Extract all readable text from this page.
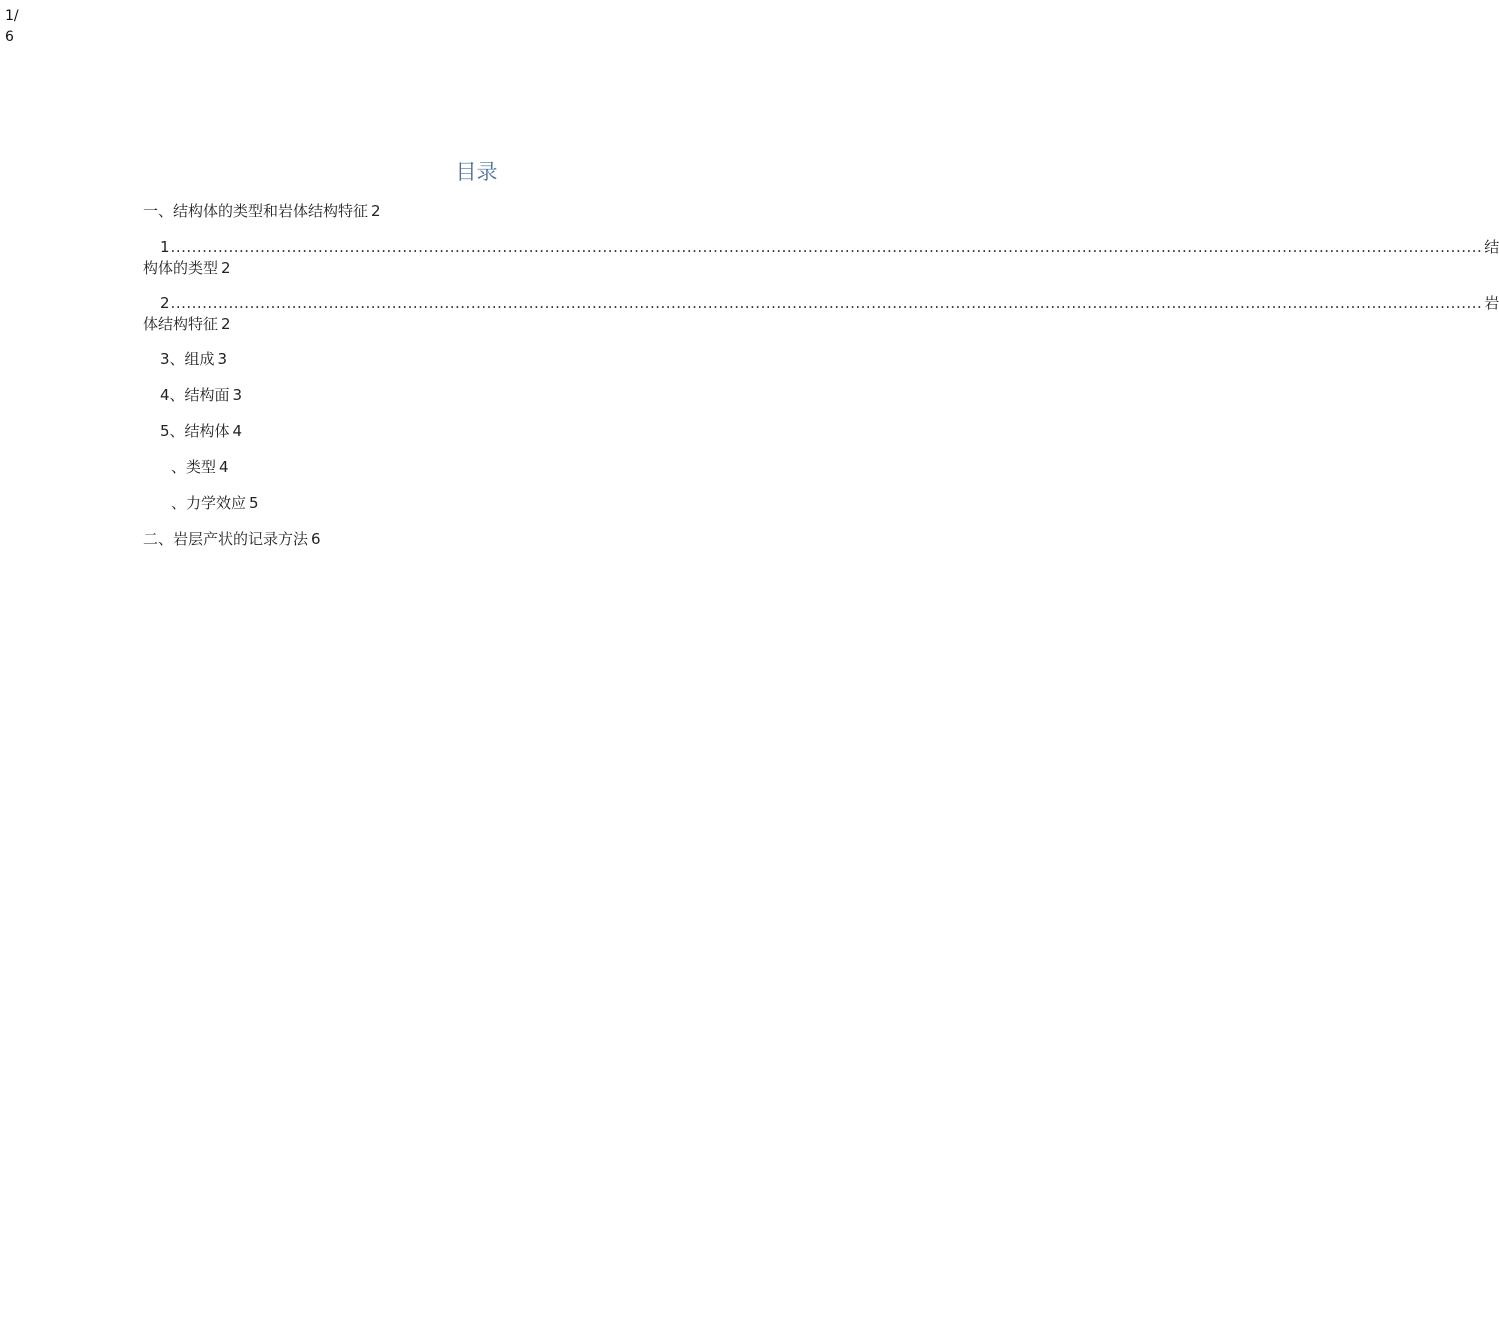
1/6
目录
一、结构体的类型和岩体结构特征 2
1 ......................................................................................................................................................................................................................................................... 结
构体的类型 2
2 ......................................................................................................................................................................................................................................................... 岩
体结构特征 2
3、组成 3
4、结构面 3
5、结构体 4
、类型 4
、力学效应 5
二、岩层产状的记录方法 6
